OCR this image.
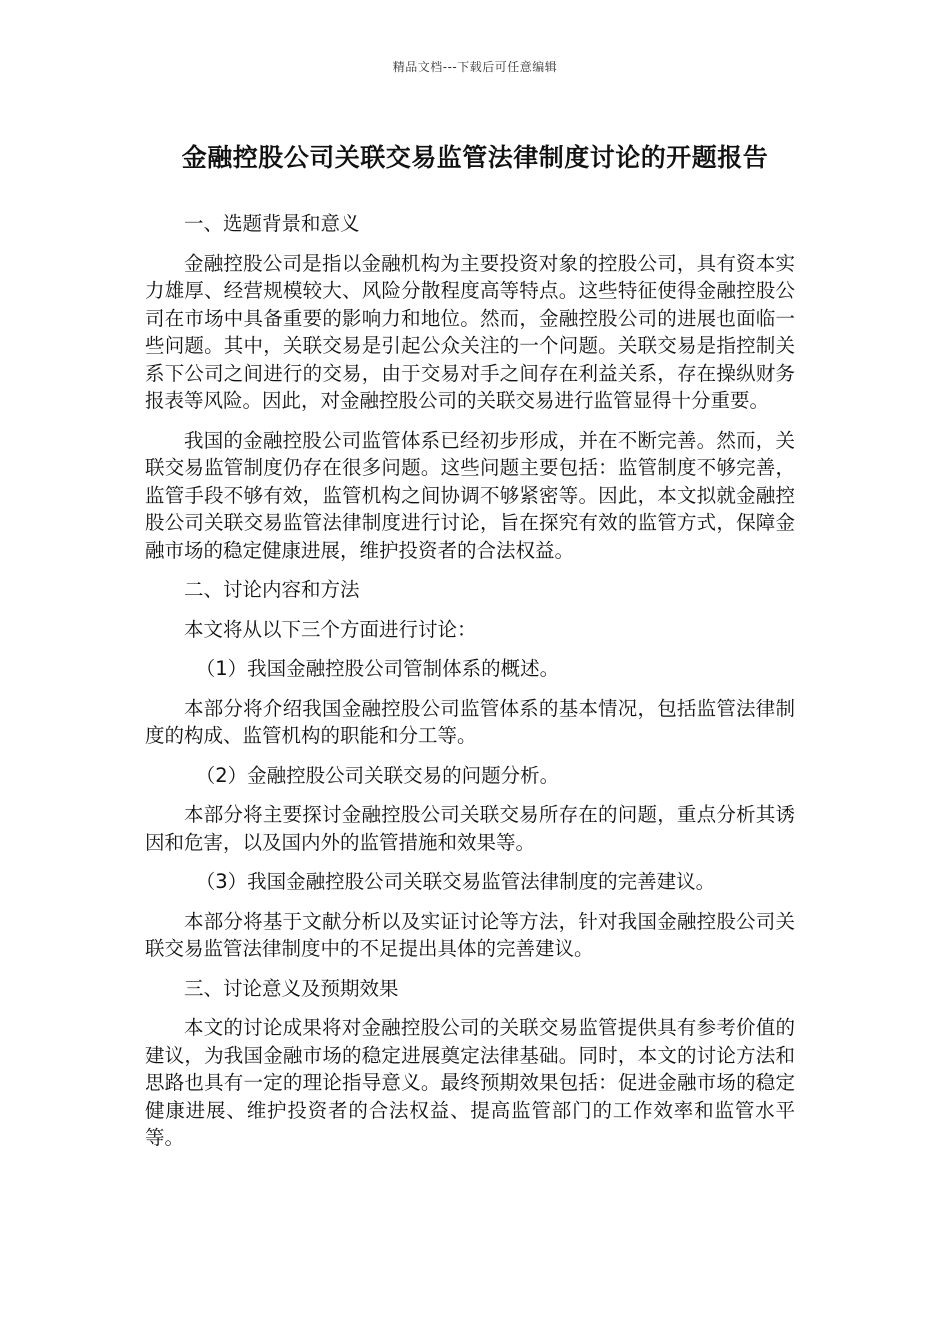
精品文档---下载后可任意编辑
金融控股公司关联交易监管法律制度讨论的开题报告

一、选题背景和意义

金融控股公司是指以金融机构为主要投资对象的控股公司，具有资本实力雄厚、经营规模较大、风险分散程度高等特点。这些特征使得金融控股公司在市场中具备重要的影响力和地位。然而，金融控股公司的进展也面临一些问题。其中，关联交易是引起公众关注的一个问题。关联交易是指控制关系下公司之间进行的交易，由于交易对手之间存在利益关系，存在操纵财务报表等风险。因此，对金融控股公司的关联交易进行监管显得十分重要。

我国的金融控股公司监管体系已经初步形成，并在不断完善。然而，关联交易监管制度仍存在很多问题。这些问题主要包括：监管制度不够完善，监管手段不够有效，监管机构之间协调不够紧密等。因此，本文拟就金融控股公司关联交易监管法律制度进行讨论，旨在探究有效的监管方式，保障金融市场的稳定健康进展，维护投资者的合法权益。

二、讨论内容和方法

本文将从以下三个方面进行讨论：

（1）我国金融控股公司管制体系的概述。

本部分将介绍我国金融控股公司监管体系的基本情况，包括监管法律制度的构成、监管机构的职能和分工等。

（2）金融控股公司关联交易的问题分析。

本部分将主要探讨金融控股公司关联交易所存在的问题，重点分析其诱因和危害，以及国内外的监管措施和效果等。

（3）我国金融控股公司关联交易监管法律制度的完善建议。

本部分将基于文献分析以及实证讨论等方法，针对我国金融控股公司关联交易监管法律制度中的不足提出具体的完善建议。

三、讨论意义及预期效果

本文的讨论成果将对金融控股公司的关联交易监管提供具有参考价值的建议，为我国金融市场的稳定进展奠定法律基础。同时，本文的讨论方法和思路也具有一定的理论指导意义。最终预期效果包括：促进金融市场的稳定健康进展、维护投资者的合法权益、提高监管部门的工作效率和监管水平等。
